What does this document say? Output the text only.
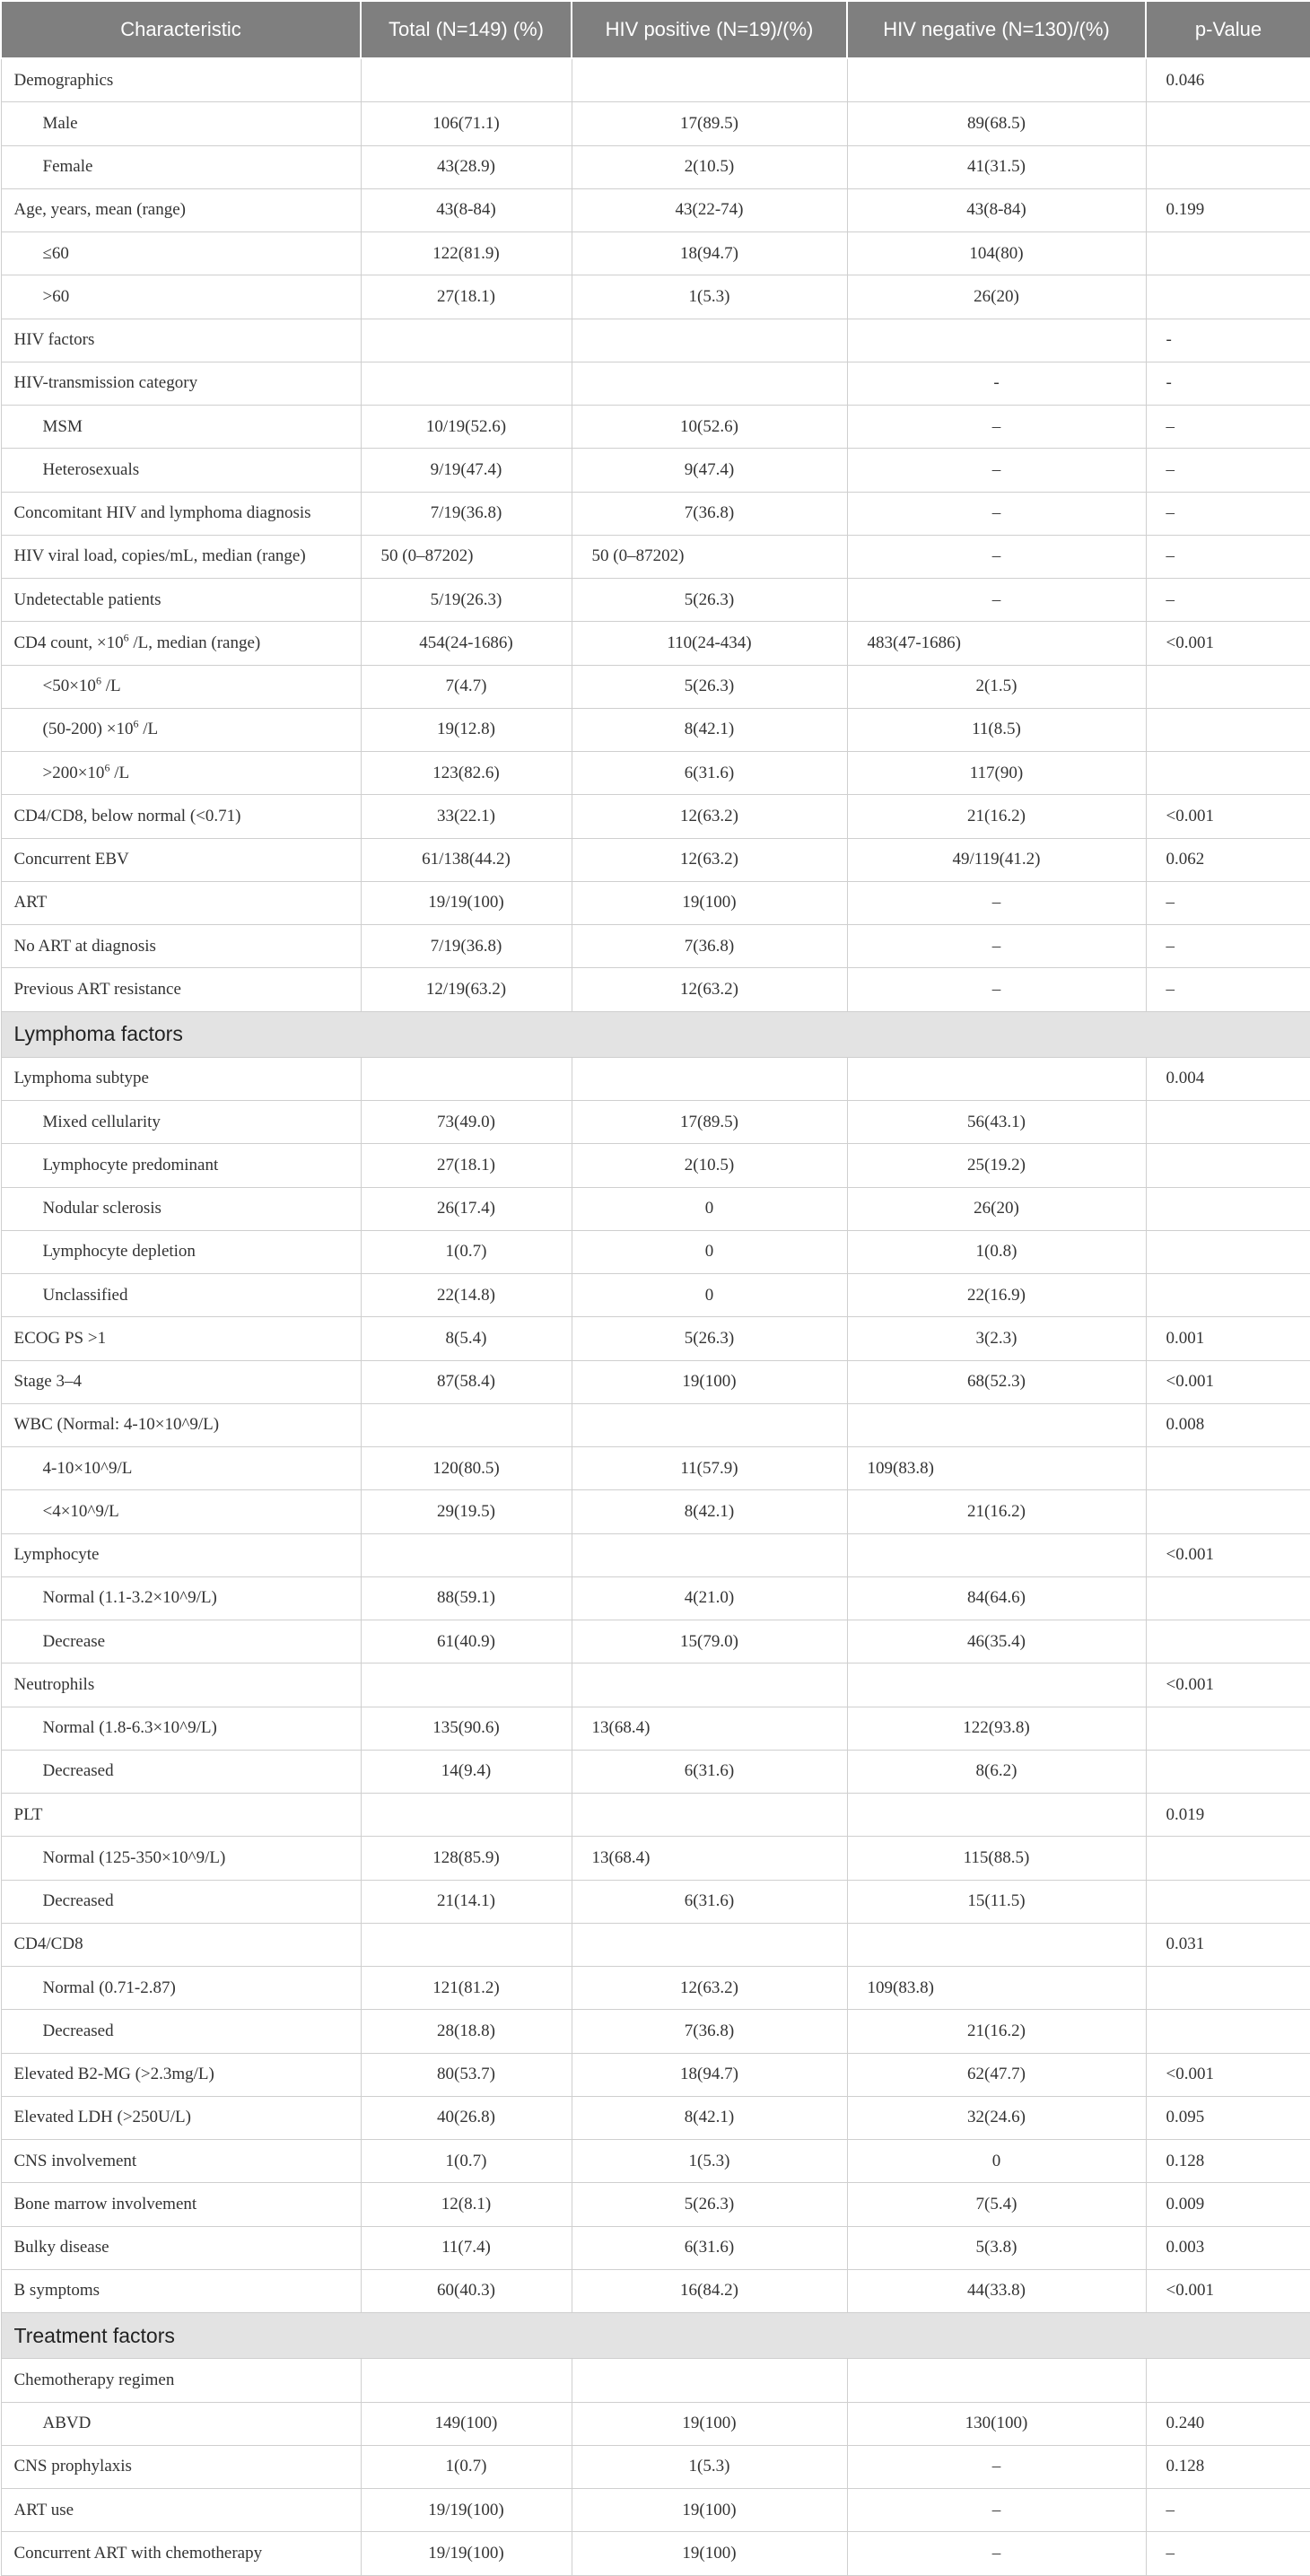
Characteristic	Total (N=149) (%)	HIV positive (N=19)/(%)	HIV negative (N=130)/(%)	p-Value
Demographics				0.046
Male	106(71.1)	17(89.5)	89(68.5)	
Female	43(28.9)	2(10.5)	41(31.5)	
Age, years, mean (range)	43(8-84)	43(22-74)	43(8-84)	0.199
≤60	122(81.9)	18(94.7)	104(80)	
>60	27(18.1)	1(5.3)	26(20)	
HIV factors				-
HIV-transmission category			-	-
MSM	10/19(52.6)	10(52.6)	–	–
Heterosexuals	9/19(47.4)	9(47.4)	–	–
Concomitant HIV and lymphoma diagnosis	7/19(36.8)	7(36.8)	–	–
HIV viral load, copies/mL, median (range)	50 (0–87202)	50 (0–87202)	–	–
Undetectable patients	5/19(26.3)	5(26.3)	–	–
CD4 count, $\times 10^6$ /L, median (range)	454(24-1686)	110(24-434)	483(47-1686)	<0.001
$<50\times 10^6$ /L	7(4.7)	5(26.3)	2(1.5)	
$(50-200) \times 10^6$ /L	19(12.8)	8(42.1)	11(8.5)	
$>200\times 10^6$ /L	123(82.6)	6(31.6)	117(90)	
CD4/CD8, below normal (<0.71)	33(22.1)	12(63.2)	21(16.2)	<0.001
Concurrent EBV	61/138(44.2)	12(63.2)	49/119(41.2)	0.062
ART	19/19(100)	19(100)	–	–
No ART at diagnosis	7/19(36.8)	7(36.8)	–	–
Previous ART resistance	12/19(63.2)	12(63.2)	–	–
Lymphoma factors				
Lymphoma subtype				0.004
Mixed cellularity	73(49.0)	17(89.5)	56(43.1)	
Lymphocyte predominant	27(18.1)	2(10.5)	25(19.2)	
Nodular sclerosis	26(17.4)	0	26(20)	
Lymphocyte depletion	1(0.7)	0	1(0.8)	
Unclassified	22(14.8)	0	22(16.9)	
ECOG PS >1	8(5.4)	5(26.3)	3(2.3)	0.001
Stage 3–4	87(58.4)	19(100)	68(52.3)	<0.001
WBC (Normal: 4-10×10^9/L)				0.008
4-10×10^9/L	120(80.5)	11(57.9)	109(83.8)	
<4×10^9/L	29(19.5)	8(42.1)	21(16.2)	
Lymphocyte				<0.001
Normal (1.1-3.2×10^9/L)	88(59.1)	4(21.0)	84(64.6)	
Decrease	61(40.9)	15(79.0)	46(35.4)	
Neutrophils				<0.001
Normal (1.8-6.3×10^9/L)	135(90.6)	13(68.4)	122(93.8)	
Decreased	14(9.4)	6(31.6)	8(6.2)	
PLT				0.019
Normal (125-350×10^9/L)	128(85.9)	13(68.4)	115(88.5)	
Decreased	21(14.1)	6(31.6)	15(11.5)	
CD4/CD8				0.031
Normal (0.71-2.87)	121(81.2)	12(63.2)	109(83.8)	
Decreased	28(18.8)	7(36.8)	21(16.2)	
Elevated B2-MG (>2.3mg/L)	80(53.7)	18(94.7)	62(47.7)	<0.001
Elevated LDH (>250U/L)	40(26.8)	8(42.1)	32(24.6)	0.095
CNS involvement	1(0.7)	1(5.3)	0	0.128
Bone marrow involvement	12(8.1)	5(26.3)	7(5.4)	0.009
Bulky disease	11(7.4)	6(31.6)	5(3.8)	0.003
B symptoms	60(40.3)	16(84.2)	44(33.8)	<0.001
Treatment factors				
Chemotherapy regimen				
ABVD	149(100)	19(100)	130(100)	0.240
CNS prophylaxis	1(0.7)	1(5.3)	–	0.128
ART use	19/19(100)	19(100)	–	–
Concurrent ART with chemotherapy	19/19(100)	19(100)	–	–
